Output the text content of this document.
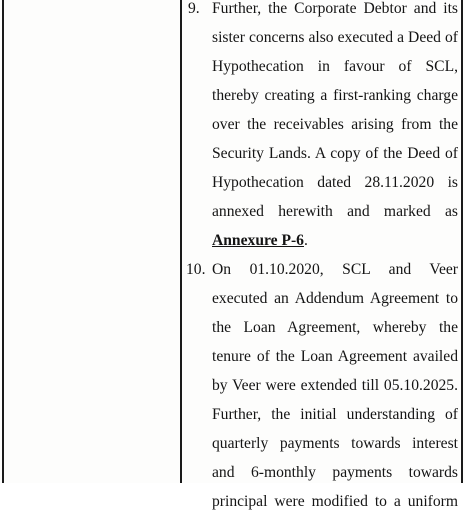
9. Further, the Corporate Debtor and its
sister concerns also executed a Deed of
Hypothecation in favour of SCL,
thereby creating a first-ranking charge
over the receivables arising from the
Security Lands. A copy of the Deed of
Hypothecation dated 28.11.2020 is
annexed herewith and marked as
Annexure P-6.
10. On 01.10.2020, SCL and Veer
executed an Addendum Agreement to
the Loan Agreement, whereby the
tenure of the Loan Agreement availed
by Veer were extended till 05.10.2025.
Further, the initial understanding of
quarterly payments towards interest
and 6-monthly payments towards
principal were modified to a uniform
